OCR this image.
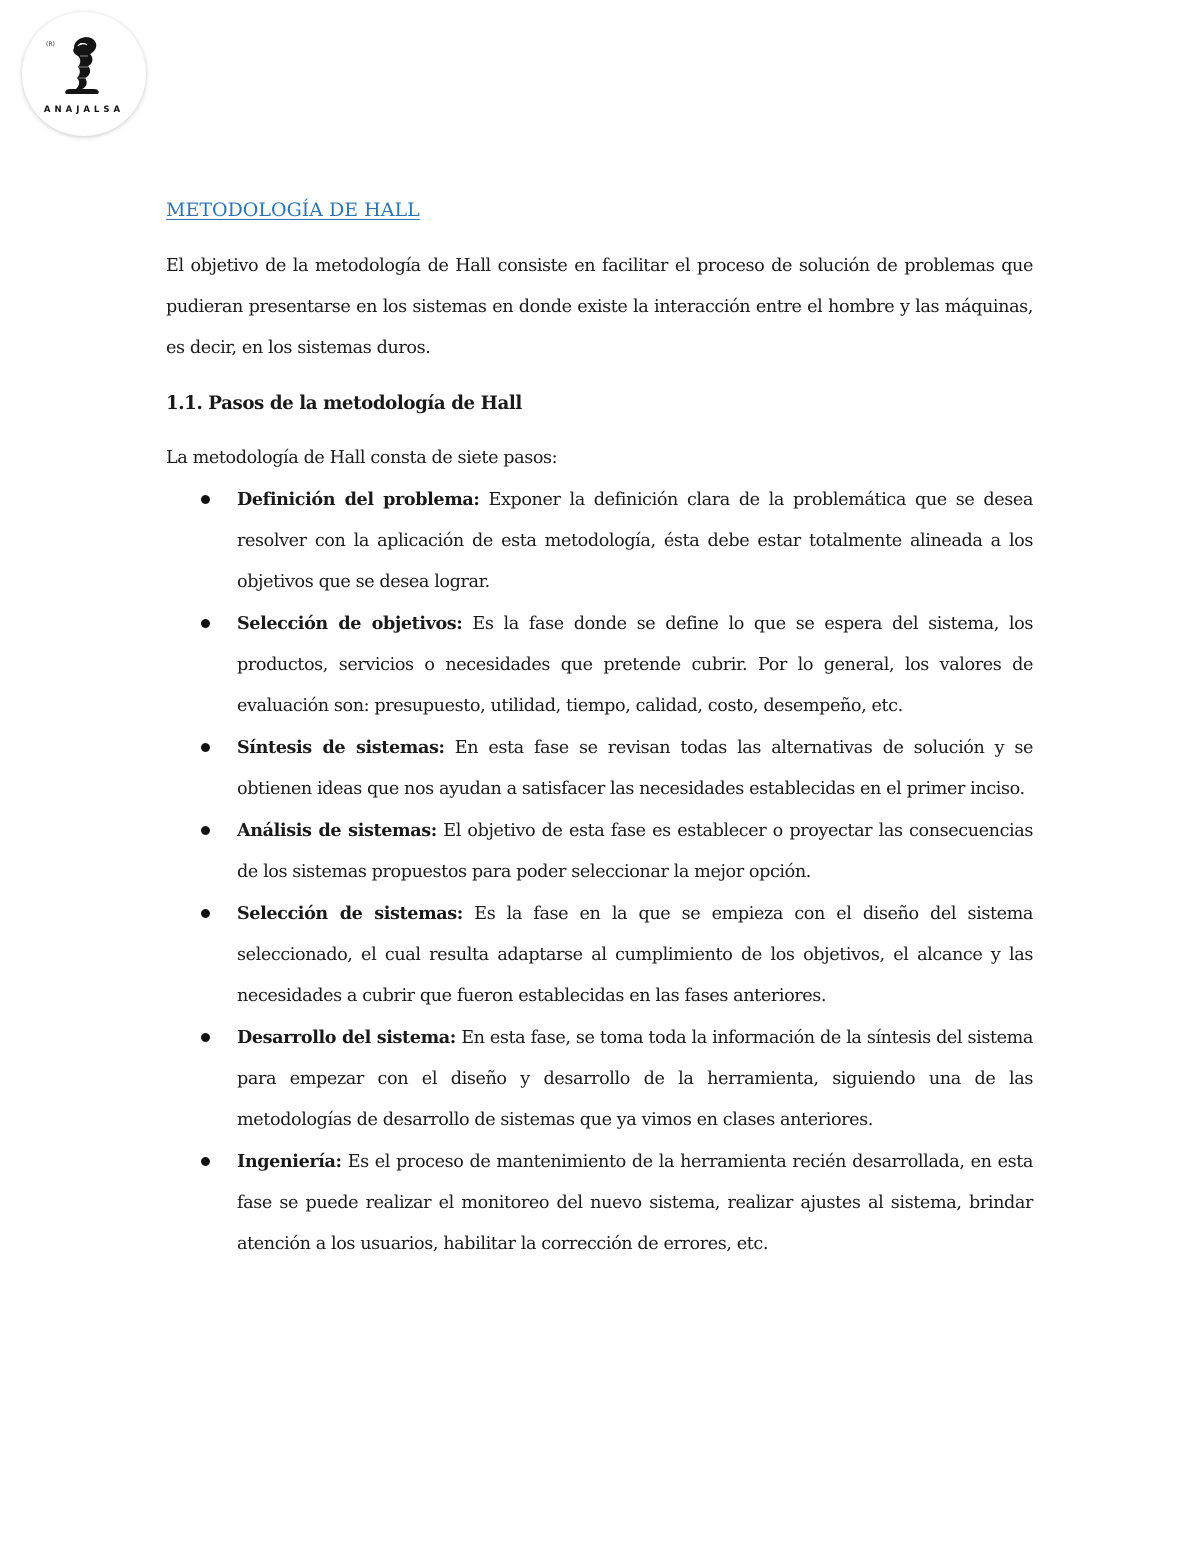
(R)
ANAJALSA
METODOLOGÍA DE HALL

El objetivo de la metodología de Hall consiste en facilitar el proceso de solución de problemas que pudieran presentarse en los sistemas en donde existe la interacción entre el hombre y las máquinas, es decir, en los sistemas duros.

1.1. Pasos de la metodología de Hall

La metodología de Hall consta de siete pasos:

Definición del problema: Exponer la definición clara de la problemática que se desea resolver con la aplicación de esta metodología, ésta debe estar totalmente alineada a los objetivos que se desea lograr.
Selección de objetivos: Es la fase donde se define lo que se espera del sistema, los productos, servicios o necesidades que pretende cubrir. Por lo general, los valores de evaluación son: presupuesto, utilidad, tiempo, calidad, costo, desempeño, etc.
Síntesis de sistemas: En esta fase se revisan todas las alternativas de solución y se obtienen ideas que nos ayudan a satisfacer las necesidades establecidas en el primer inciso.
Análisis de sistemas: El objetivo de esta fase es establecer o proyectar las consecuencias de los sistemas propuestos para poder seleccionar la mejor opción.
Selección de sistemas: Es la fase en la que se empieza con el diseño del sistema seleccionado, el cual resulta adaptarse al cumplimiento de los objetivos, el alcance y las necesidades a cubrir que fueron establecidas en las fases anteriores.
Desarrollo del sistema: En esta fase, se toma toda la información de la síntesis del sistema para empezar con el diseño y desarrollo de la herramienta, siguiendo una de las metodologías de desarrollo de sistemas que ya vimos en clases anteriores.
Ingeniería: Es el proceso de mantenimiento de la herramienta recién desarrollada, en esta fase se puede realizar el monitoreo del nuevo sistema, realizar ajustes al sistema, brindar atención a los usuarios, habilitar la corrección de errores, etc.
